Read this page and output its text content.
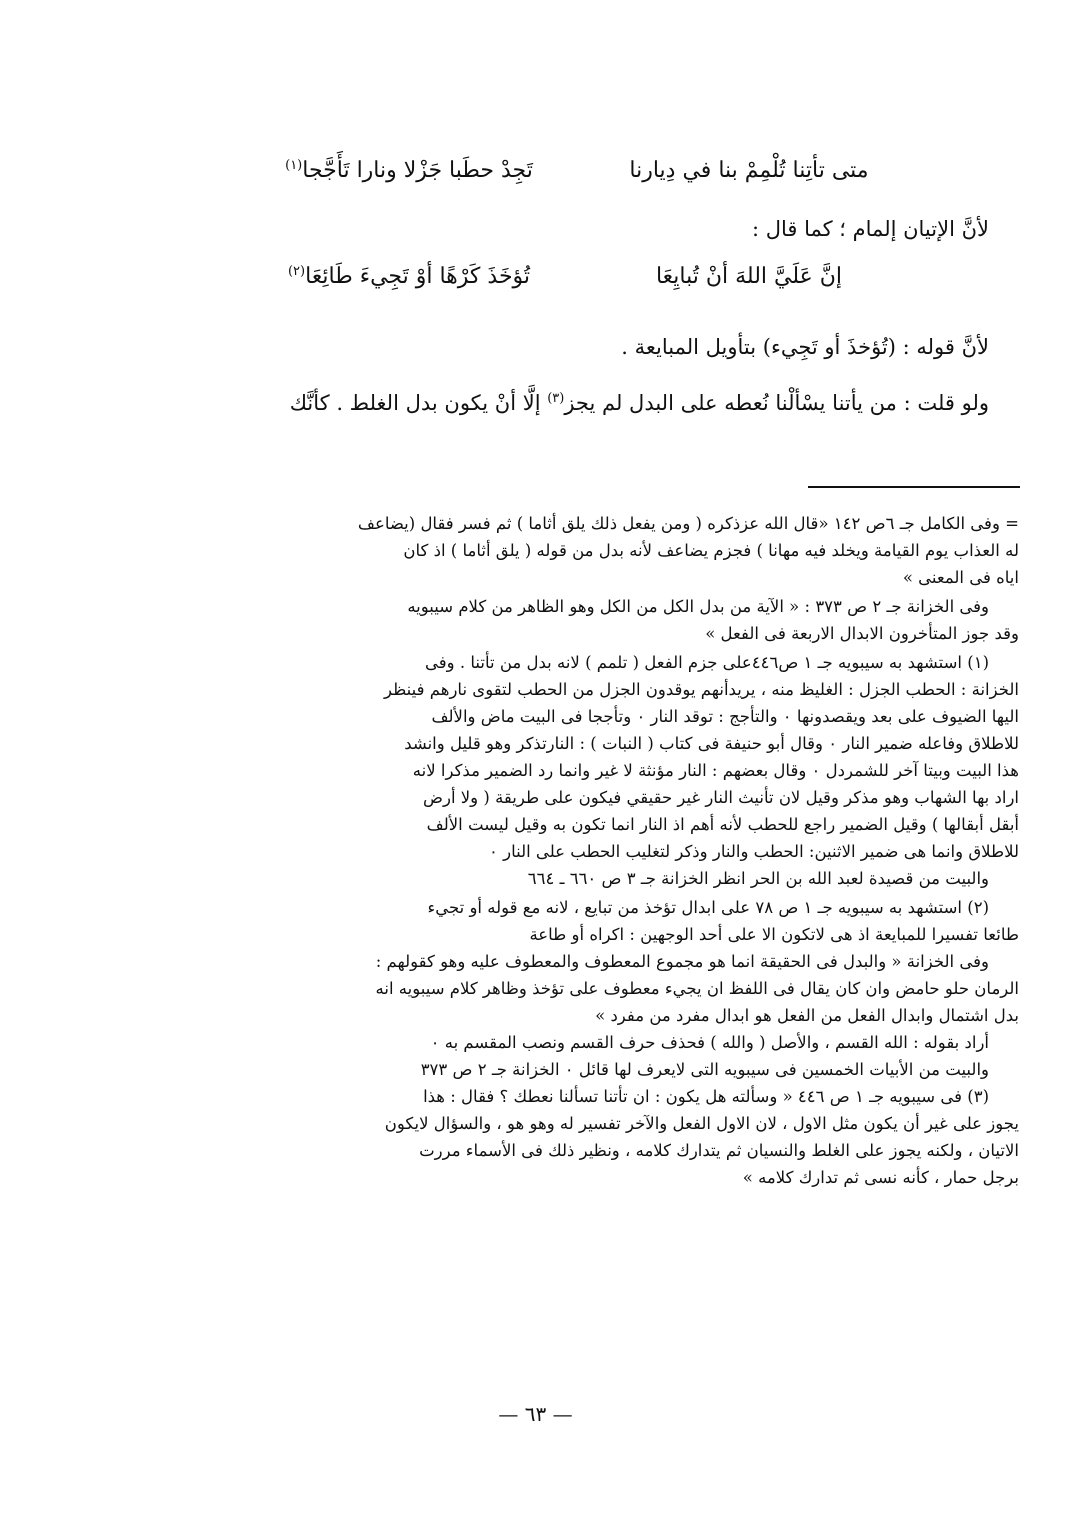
متى تأتِنا تُلْمِمْ بنا في دِيارنا
تَجِدْ حطَبا جَزْلا ونارا تَأَجَّجا$^{(١)}$

لأنَّ الإتيان إلمام ؛ كما قال :

إنَّ عَلَيَّ اللهَ أنْ تُبايِعَا
تُؤخَذَ كَرْهًا أوْ تَجِيءَ طَائِعَا$^{(٢)}$

لأنَّ قوله : (تُؤخذَ أو تَجِيء) بتأويل المبايعة .

ولو قلت : من يأتنا يسْألْنا نُعطه على البدل لم يجز$^{(٣)}$ إلَّا أنْ يكون بدل الغلط . كأنَّك

= وفى الكامل جـ ٦ص ١٤٢ «قال الله عزذكره ( ومن يفعل ذلك يلق أثاما ) ثم فسر فقال (يضاعف
له العذاب يوم القيامة ويخلد فيه مهانا ) فجزم يضاعف لأنه بدل من قوله ( يلق أثاما ) اذ كان
اياه فى المعنى »
وفى الخزانة جـ ٢ ص ٣٧٣ : « الآية من بدل الكل من الكل وهو الظاهر من كلام سيبويه
وقد جوز المتأخرون الابدال الاربعة فى الفعل »
(١) استشهد به سيبويه جـ ١ ص٤٤٦على جزم الفعل ( تلمم ) لانه بدل من تأتنا . وفى
الخزانة : الحطب الجزل : الغليظ منه ، يريدأنهم يوقدون الجزل من الحطب لتقوى نارهم فينظر
اليها الضيوف على بعد ويقصدونها ٠ والتأجج : توقد النار ٠ وتأججا فى البيت ماض والألف
للاطلاق وفاعله ضمير النار ٠ وقال أبو حنيفة فى كتاب ( النبات ) : النارتذكر وهو قليل وانشد
هذا البيت وبيتا آخر للشمردل ٠ وقال بعضهم : النار مؤنثة لا غير وانما رد الضمير مذكرا لانه
اراد بها الشهاب وهو مذكر وقيل لان تأنيث النار غير حقيقي فيكون على طريقة ( ولا أرض
أبقل أبقالها ) وقيل الضمير راجع للحطب لأنه أهم اذ النار انما تكون به وقيل ليست الألف
للاطلاق وانما هى ضمير الاثنين: الحطب والنار وذكر لتغليب الحطب على النار ٠
والبيت من قصيدة لعبد الله بن الحر انظر الخزانة جـ ٣ ص ٦٦٠ ـ ٦٦٤
(٢) استشهد به سيبويه جـ ١ ص ٧٨ على ابدال تؤخذ من تبايع ، لانه مع قوله أو تجيء
طائعا تفسيرا للمبايعة اذ هى لاتكون الا على أحد الوجهين : اكراه أو طاعة
وفى الخزانة « والبدل فى الحقيقة انما هو مجموع المعطوف والمعطوف عليه وهو كقولهم :
الرمان حلو حامض وان كان يقال فى اللفظ ان يجيء معطوف على تؤخذ وظاهر كلام سيبويه انه
بدل اشتمال وابدال الفعل من الفعل هو ابدال مفرد من مفرد »
أراد بقوله : الله القسم ، والأصل ( والله ) فحذف حرف القسم ونصب المقسم به ٠
والبيت من الأبيات الخمسين فى سيبويه التى لايعرف لها قائل ٠ الخزانة جـ ٢ ص ٣٧٣
(٣) فى سيبويه جـ ١ ص ٤٤٦ « وسألته هل يكون : ان تأتنا تسألنا نعطك ؟ فقال : هذا
يجوز على غير أن يكون مثل الاول ، لان الاول الفعل والآخر تفسير له وهو هو ، والسؤال لايكون
الاتيان ، ولكنه يجوز على الغلط والنسيان ثم يتدارك كلامه ، ونظير ذلك فى الأسماء مررت
برجل حمار ، كأنه نسى ثم تدارك كلامه »
— ٦٣ —
